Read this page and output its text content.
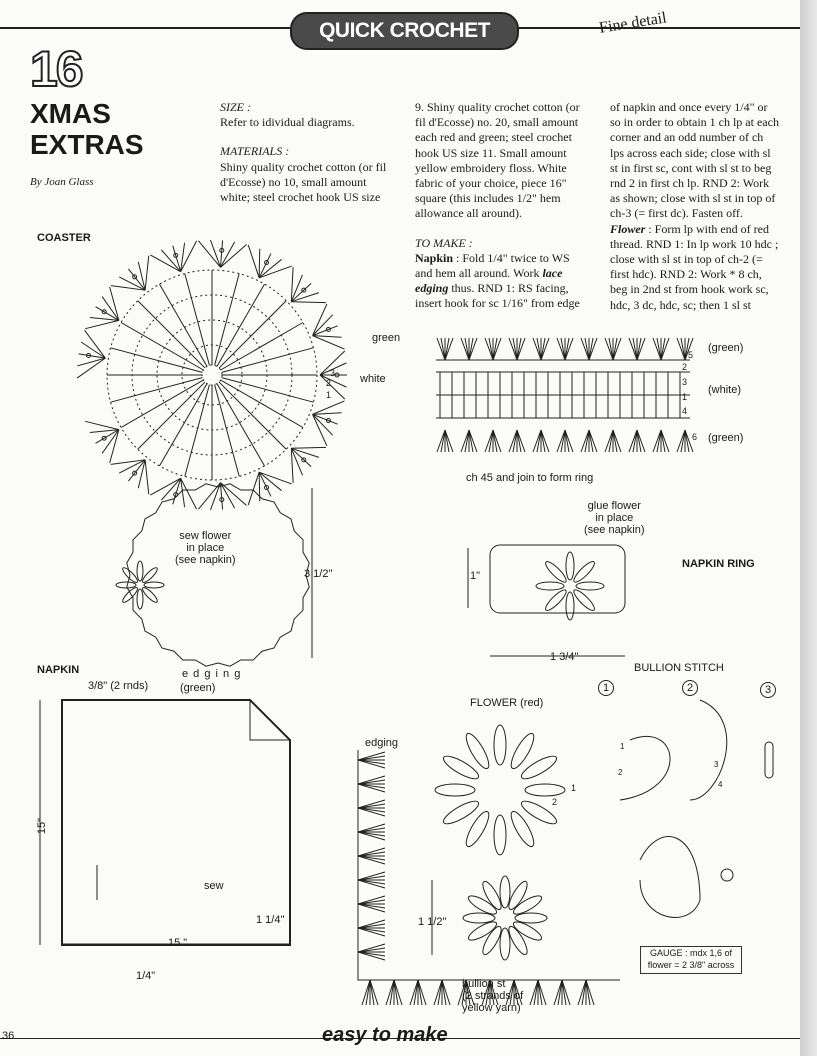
QUICK CROCHET	Fine detail
16
XMAS
EXTRAS
By Joan Glass

SIZE :

Refer to idividual diagrams.

MATERIALS :

Shiny quality crochet cotton (or fil d'Ecosse) no 10, small amount white; steel crochet hook US size

9. Shiny quality crochet cotton (or fil d'Ecosse) no. 20, small amount each red and green; steel crochet hook US size 11. Small amount yellow embroidery floss. White fabric of your choice, piece 16" square (this includes 1/2" hem allowance all around).

TO MAKE :

Napkin : Fold 1/4" twice to WS and hem all around. Work lace edging thus. RND 1: RS facing, insert hook for sc 1/16" from edge

of napkin and once every 1/4" or so in order to obtain 1 ch lp at each corner and an odd number of ch lps across each side; close with sl st in first sc, cont with sl st to beg rnd 2 in first ch lp. RND 2: Work as shown; close with sl st in top of ch-3 (= first dc). Fasten off.

Flower : Form lp with end of red thread. RND 1: In lp work 10 hdc ; close with sl st in top of ch-2 (= first hdc). RND 2: Work * 8 ch, beg in 2nd st from hook work sc, hdc, 3 dc, hdc, sc; then 1 sl st

COASTER
green
white
3
2
1
(green)
(white)
(green)
ch 45 and join to form ring
5
2
3
1
4
6
sew flower
in place
(see napkin)
3 1/2"
glue flower
in place
(see napkin)
NAPKIN RING
1"
1 3/4"
NAPKIN
3/8" (2 rnds)
e d g i n g
(green)
15"
15 "
sew
1 1/4"
1/4"
edging
FLOWER (red)
2
1
1 1/2"
bullion st
(2 strands of
yellow yarn)
BULLION STITCH
1	2	3
1
2
3
4
GAUGE : mdx 1,6 of
flower = 2 3/8" across
36	easy to make
